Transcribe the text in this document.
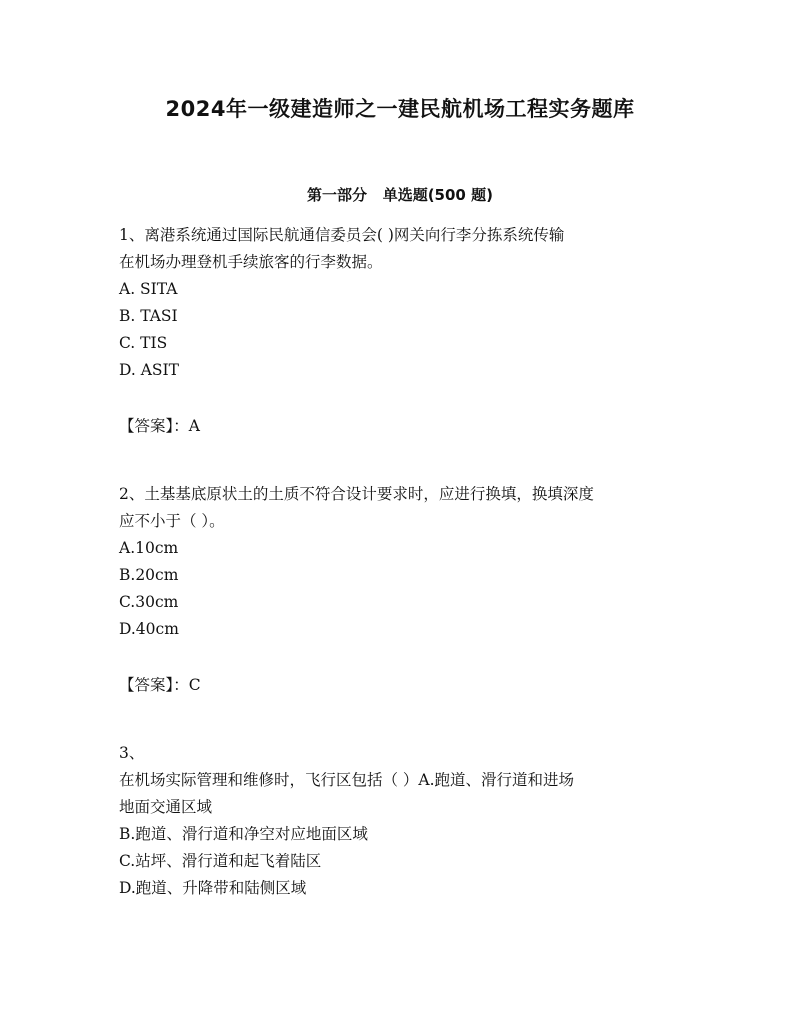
2024年一级建造师之一建民航机场工程实务题库
第一部分   单选题(500 题)
1、离港系统通过国际民航通信委员会( )网关向行李分拣系统传输
在机场办理登机手续旅客的行李数据。
A. SITA
B. TASI
C. TIS
D. ASIT
【答案】：A
2、土基基底原状土的土质不符合设计要求时，应进行换填，换填深度
应不小于（ ）。
A.10cm
B.20cm
C.30cm
D.40cm
【答案】：C
3、
在机场实际管理和维修时，飞行区包括（ ）A.跑道、滑行道和进场
地面交通区域
B.跑道、滑行道和净空对应地面区域
C.站坪、滑行道和起飞着陆区
D.跑道、升降带和陆侧区域
